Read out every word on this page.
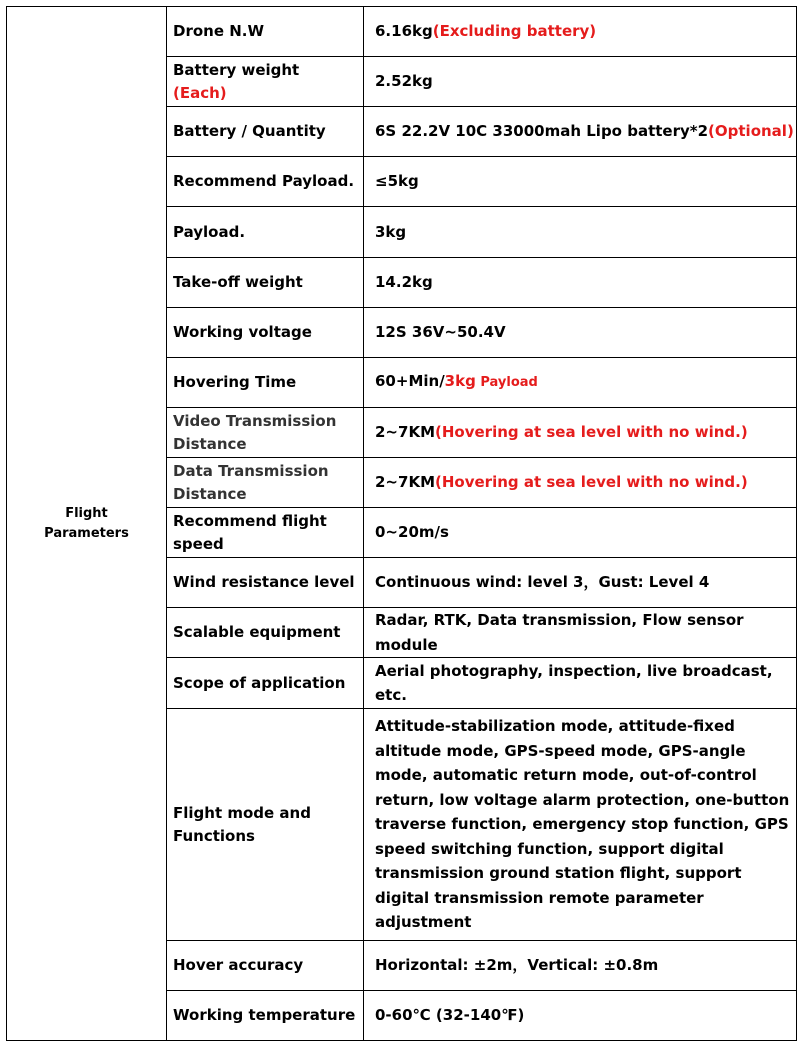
Flight
Parameters	Drone N.W	6.16kg(Excluding battery)
	Battery weight  (Each)	2.52kg
	Battery / Quantity	6S 22.2V 10C 33000mah Lipo battery*2(Optional)
	Recommend Payload.	≤5kg
	Payload.	3kg
	Take-off weight	14.2kg
	Working voltage	12S 36V~50.4V
	Hovering Time	60+Min/3kg Payload
	Video Transmission Distance	2~7KM(Hovering at sea level with no wind.)
	Data Transmission Distance	2~7KM(Hovering at sea level with no wind.)
	Recommend flight speed	0~20m/s
	Wind resistance level	Continuous wind: level 3，Gust: Level 4
	Scalable equipment	Radar, RTK, Data transmission, Flow sensor module
	Scope of application	Aerial photography, inspection, live broadcast, etc.
	Flight mode and Functions	Attitude-stabilization mode, attitude-fixed altitude mode, GPS-speed mode, GPS-angle mode, automatic return mode, out-of-control return, low voltage alarm protection, one-button traverse function, emergency stop function, GPS speed switching function, support digital transmission ground station flight, support digital transmission remote parameter adjustment
	Hover accuracy	Horizontal: ±2m，Vertical: ±0.8m
	Working temperature	0-60℃ (32-140℉)
